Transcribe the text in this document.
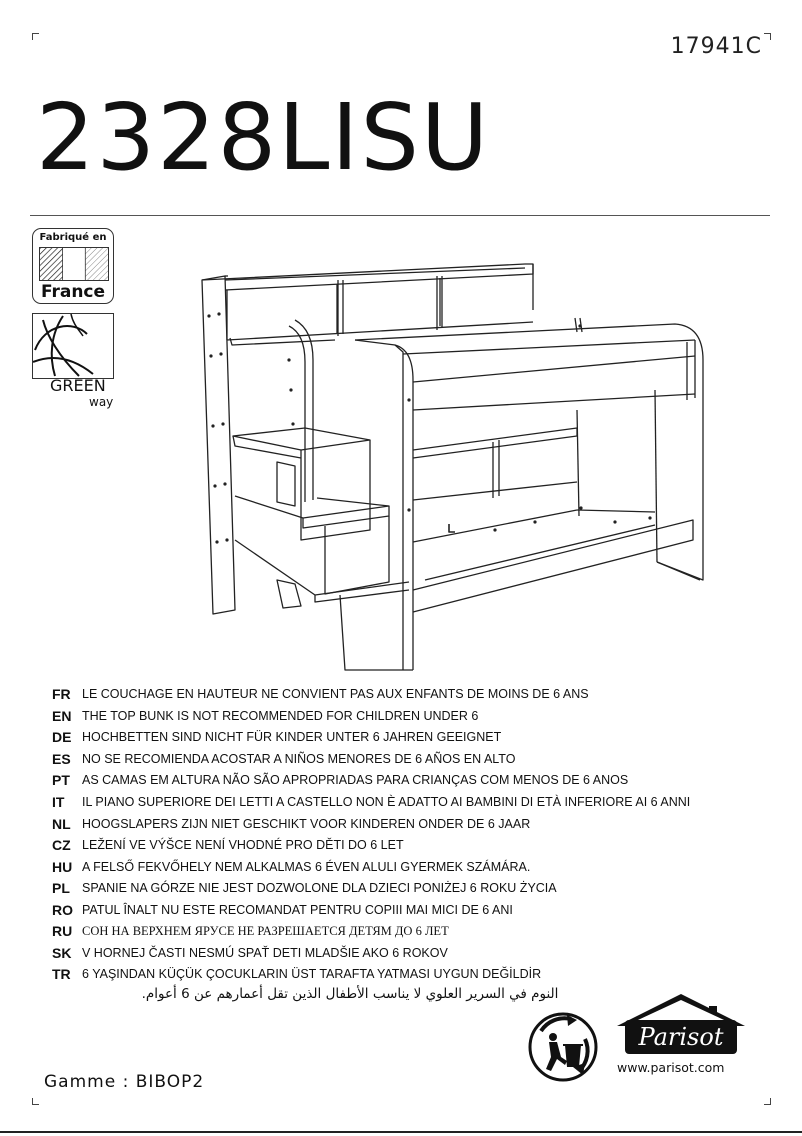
17941C
2328LISU
Fabriqué en
France
GREEN
way
FR LE COUCHAGE EN HAUTEUR NE CONVIENT PAS AUX ENFANTS DE MOINS DE 6 ANS
EN THE TOP BUNK IS NOT RECOMMENDED FOR CHILDREN UNDER 6
DE HOCHBETTEN SIND NICHT FÜR KINDER UNTER 6 JAHREN GEEIGNET
ES NO SE RECOMIENDA ACOSTAR A NIÑOS MENORES DE 6 AÑOS EN ALTO
PT AS CAMAS EM ALTURA NÃO SÃO APROPRIADAS PARA CRIANÇAS COM MENOS DE 6 ANOS
IT	IL PIANO SUPERIORE DEI LETTI A CASTELLO NON È ADATTO AI BAMBINI DI ETÀ INFERIORE AI 6 ANNI
NL HOOGSLAPERS ZIJN NIET GESCHIKT VOOR KINDEREN ONDER DE 6 JAAR
CZ LEŽENÍ VE VÝŠCE NENÍ VHODNÉ PRO DĚTI DO 6 LET
HU A FELSŐ FEKVŐHELY NEM ALKALMAS 6 ÉVEN ALULI GYERMEK SZÁMÁRA.
PL SPANIE NA GÓRZE NIE JEST DOZWOLONE DLA DZIECI PONIŻEJ 6 ROKU ŻYCIA
RO PATUL ÎNALT NU ESTE RECOMANDAT PENTRU COPIII MAI MICI DE 6 ANI
RU СОН НА ВЕРХНЕМ ЯРУСЕ НЕ РАЗРЕШАЕТСЯ ДЕТЯМ ДО 6 ЛЕТ
SK V HORNEJ ČASTI NESMÚ SPAŤ DETI MLADŠIE AKO 6 ROKOV
TR 6 YAŞINDAN KÜÇÜK ÇOCUKLARIN ÜST TARAFTA YATMASI UYGUN DEĞİLDİR
النوم في السرير العلوي لا يناسب الأطفال الذين تقل أعمارهم عن 6 أعوام.
Parisot
www.parisot.com
Gamme : BIBOP2
